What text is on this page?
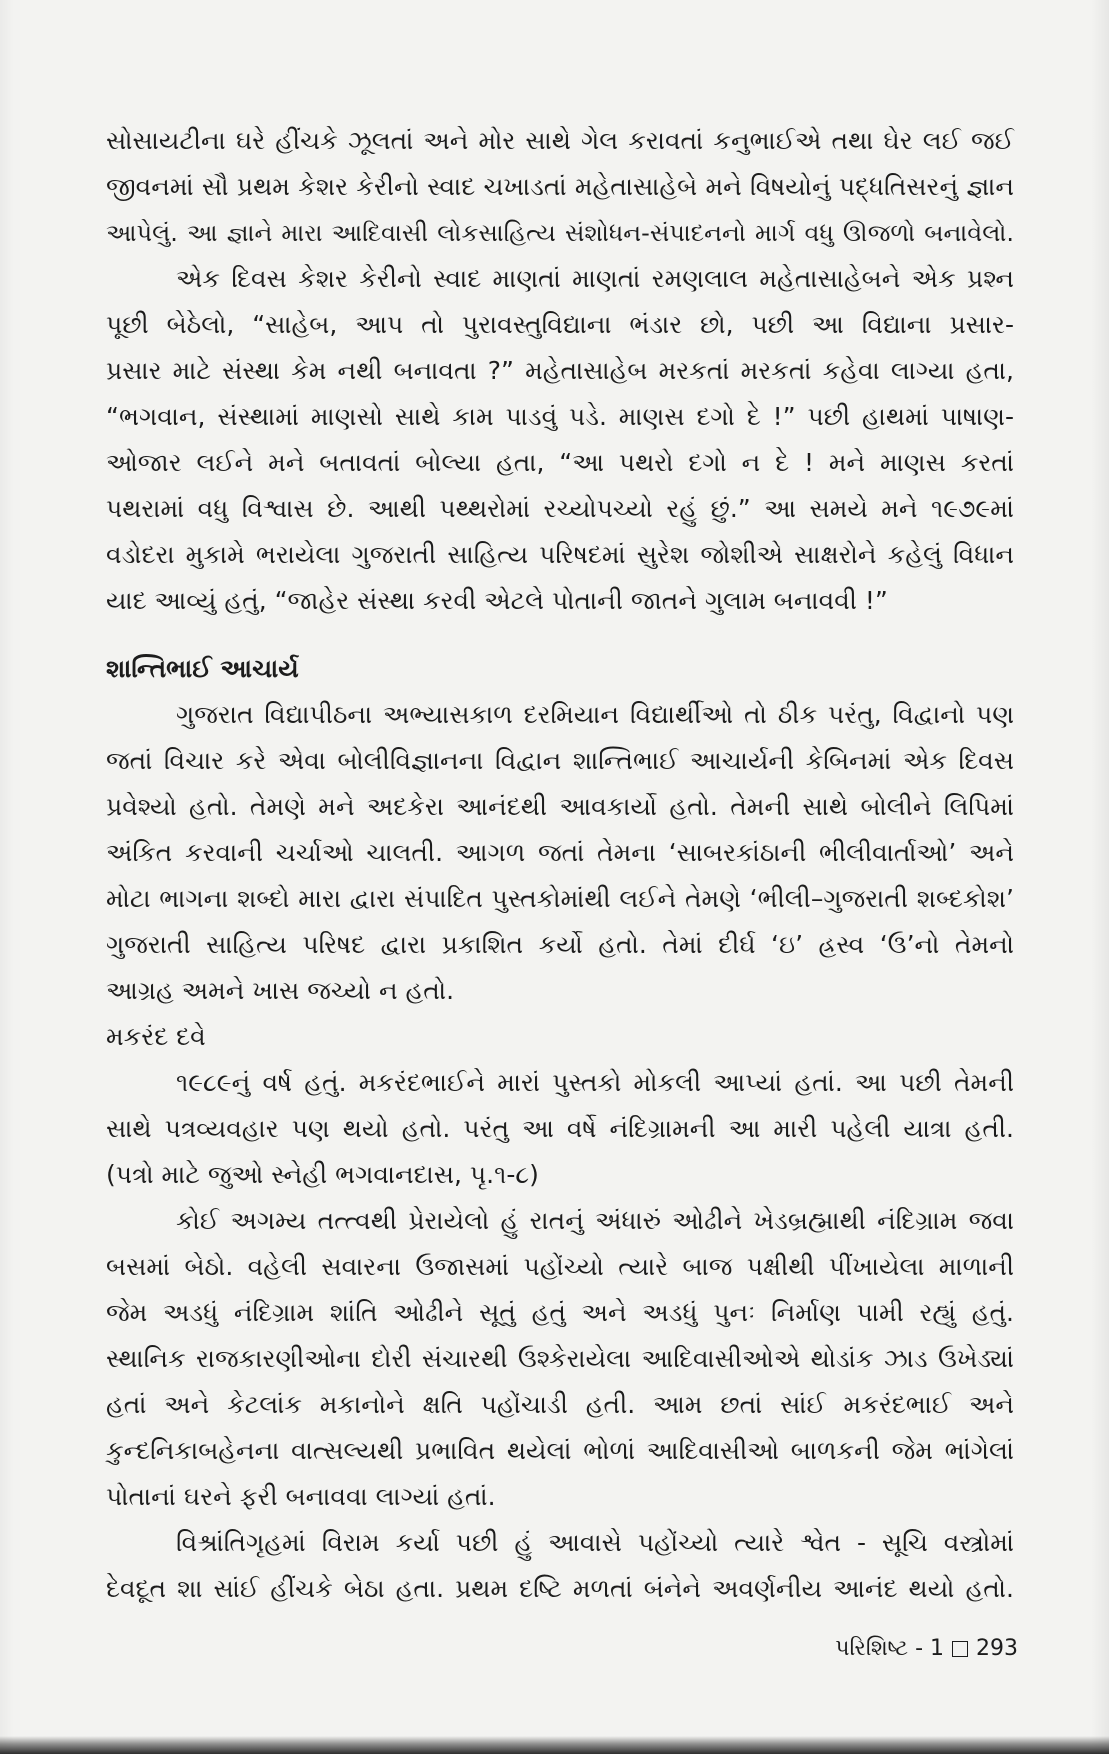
સોસાયટીના ઘરે હીંચકે ઝૂલતાં અને મોર સાથે ગેલ કરાવતાં કનુભાઈએ તથા ઘેર લઈ જઈ
જીવનમાં સૌ પ્રથમ કેશર કેરીનો સ્વાદ ચખાડતાં મહેતાસાહેબે મને વિષયોનું પદ્ધતિસરનું જ્ઞાન
આપેલું. આ જ્ઞાને મારા આદિવાસી લોકસાહિત્ય સંશોધન-સંપાદનનો માર્ગ વધુ ઊજળો બનાવેલો.
એક દિવસ કેશર કેરીનો સ્વાદ માણતાં માણતાં રમણલાલ મહેતાસાહેબને એક પ્રશ્ન
પૂછી બેઠેલો, “સાહેબ, આપ તો પુરાવસ્તુવિદ્યાના ભંડાર છો, પછી આ વિદ્યાના પ્રસાર-
પ્રસાર માટે સંસ્થા કેમ નથી બનાવતા ?” મહેતાસાહેબ મરકતાં મરકતાં કહેવા લાગ્યા હતા,
“ભગવાન, સંસ્થામાં માણસો સાથે કામ પાડવું પડે. માણસ દગો દે !” પછી હાથમાં પાષાણ-
ઓજાર લઈને મને બતાવતાં બોલ્યા હતા, “આ પથરો દગો ન દે ! મને માણસ કરતાં
પથરામાં વધુ વિશ્વાસ છે. આથી પથ્થરોમાં રચ્યોપચ્યો રહું છું.” આ સમયે મને ૧૯૭૯માં
વડોદરા મુકામે ભરાયેલા ગુજરાતી સાહિત્ય પરિષદમાં સુરેશ જોશીએ સાક્ષરોને કહેલું વિધાન
યાદ આવ્યું હતું, “જાહેર સંસ્થા કરવી એટલે પોતાની જાતને ગુલામ બનાવવી !”
શાન્તિભાઈ આચાર્ય
ગુજરાત વિદ્યાપીઠના અભ્યાસકાળ દરમિયાન વિદ્યાર્થીઓ તો ઠીક પરંતુ, વિદ્વાનો પણ
જતાં વિચાર કરે એવા બોલીવિજ્ઞાનના વિદ્વાન શાન્તિભાઈ આચાર્યની કેબિનમાં એક દિવસ
પ્રવેશ્યો હતો. તેમણે મને અદકેરા આનંદથી આવકાર્યો હતો. તેમની સાથે બોલીને લિપિમાં
અંકિત કરવાની ચર્ચાઓ ચાલતી. આગળ જતાં તેમના ‘સાબરકાંઠાની ભીલીવાર્તાઓ’ અને
મોટા ભાગના શબ્દો મારા દ્વારા સંપાદિત પુસ્તકોમાંથી લઈને તેમણે ‘ભીલી–ગુજરાતી શબ્દકોશ’
ગુજરાતી સાહિત્ય પરિષદ દ્વારા પ્રકાશિત કર્યો હતો. તેમાં દીર્ઘ ‘ઇ’ હ્રસ્વ ‘ઉ’નો તેમનો
આગ્રહ અમને ખાસ જચ્યો ન હતો.
મકરંદ દવે
૧૯૮૯નું વર્ષ હતું. મકરંદભાઈને મારાં પુસ્તકો મોકલી આપ્યાં હતાં. આ પછી તેમની
સાથે પત્રવ્યવહાર પણ થયો હતો. પરંતુ આ વર્ષે નંદિગ્રામની આ મારી પહેલી યાત્રા હતી.
(પત્રો માટે જુઓ સ્નેહી ભગવાનદાસ, પૃ.૧-૮)
કોઈ અગમ્ય તત્ત્વથી પ્રેરાયેલો હું રાતનું અંધારું ઓઢીને ખેડબ્રહ્માથી નંદિગ્રામ જવા
બસમાં બેઠો. વહેલી સવારના ઉજાસમાં પહોંચ્યો ત્યારે બાજ પક્ષીથી પીંખાયેલા માળાની
જેમ અડધું નંદિગ્રામ શાંતિ ઓઢીને સૂતું હતું અને અડધું પુનઃ નિર્માણ પામી રહ્યું હતું.
સ્થાનિક રાજકારણીઓના દોરી સંચારથી ઉશ્કેરાયેલા આદિવાસીઓએ થોડાંક ઝાડ ઉખેડ્યાં
હતાં અને કેટલાંક મકાનોને ક્ષતિ પહોંચાડી હતી. આમ છતાં સાંઈ મકરંદભાઈ અને
કુન્દનિકાબહેનના વાત્સલ્યથી પ્રભાવિત થયેલાં ભોળાં આદિવાસીઓ બાળકની જેમ ભાંગેલાં
પોતાનાં ઘરને ફરી બનાવવા લાગ્યાં હતાં.
વિશ્રાંતિગૃહમાં વિરામ કર્યા પછી હું આવાસે પહોંચ્યો ત્યારે શ્વેત - સૂચિ વસ્ત્રોમાં
દેવદૂત શા સાંઈ હીંચકે બેઠા હતા. પ્રથમ દષ્ટિ મળતાં બંનેને અવર્ણનીય આનંદ થયો હતો.
પરિશિષ્ટ - 1 293
